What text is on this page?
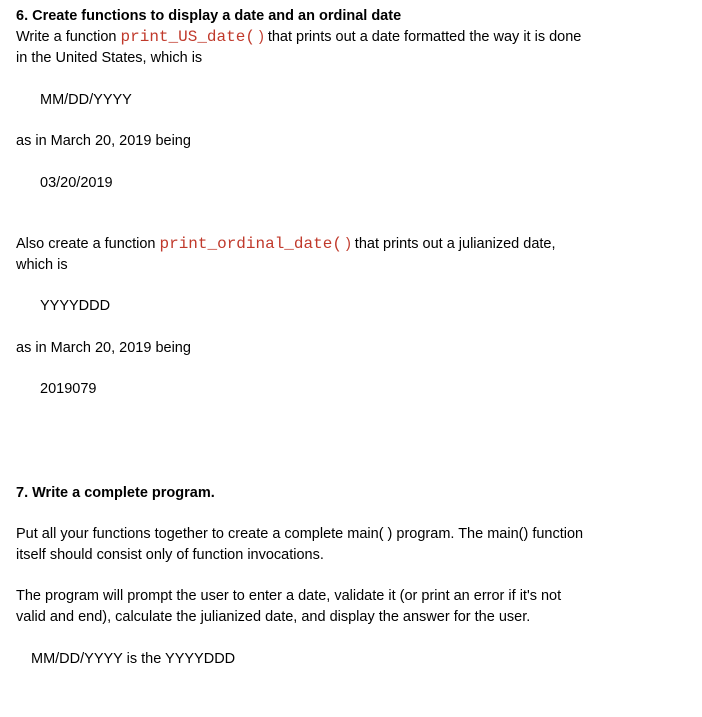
6. Create functions to display a date and an ordinal date
Write a function print_US_date( ) that prints out a date formatted the way it is done
in the United States, which is
MM/DD/YYYY
as in March 20, 2019 being
03/20/2019
Also create a function print_ordinal_date( ) that prints out a julianized date,
which is
YYYYDDD
as in March 20, 2019 being
2019079
7. Write a complete program.
Put all your functions together to create a complete main( ) program. The main() function
itself should consist only of function invocations.
The program will prompt the user to enter a date, validate it (or print an error if it's not
valid and end), calculate the julianized date, and display the answer for the user.
MM/DD/YYYY is the YYYYDDD
